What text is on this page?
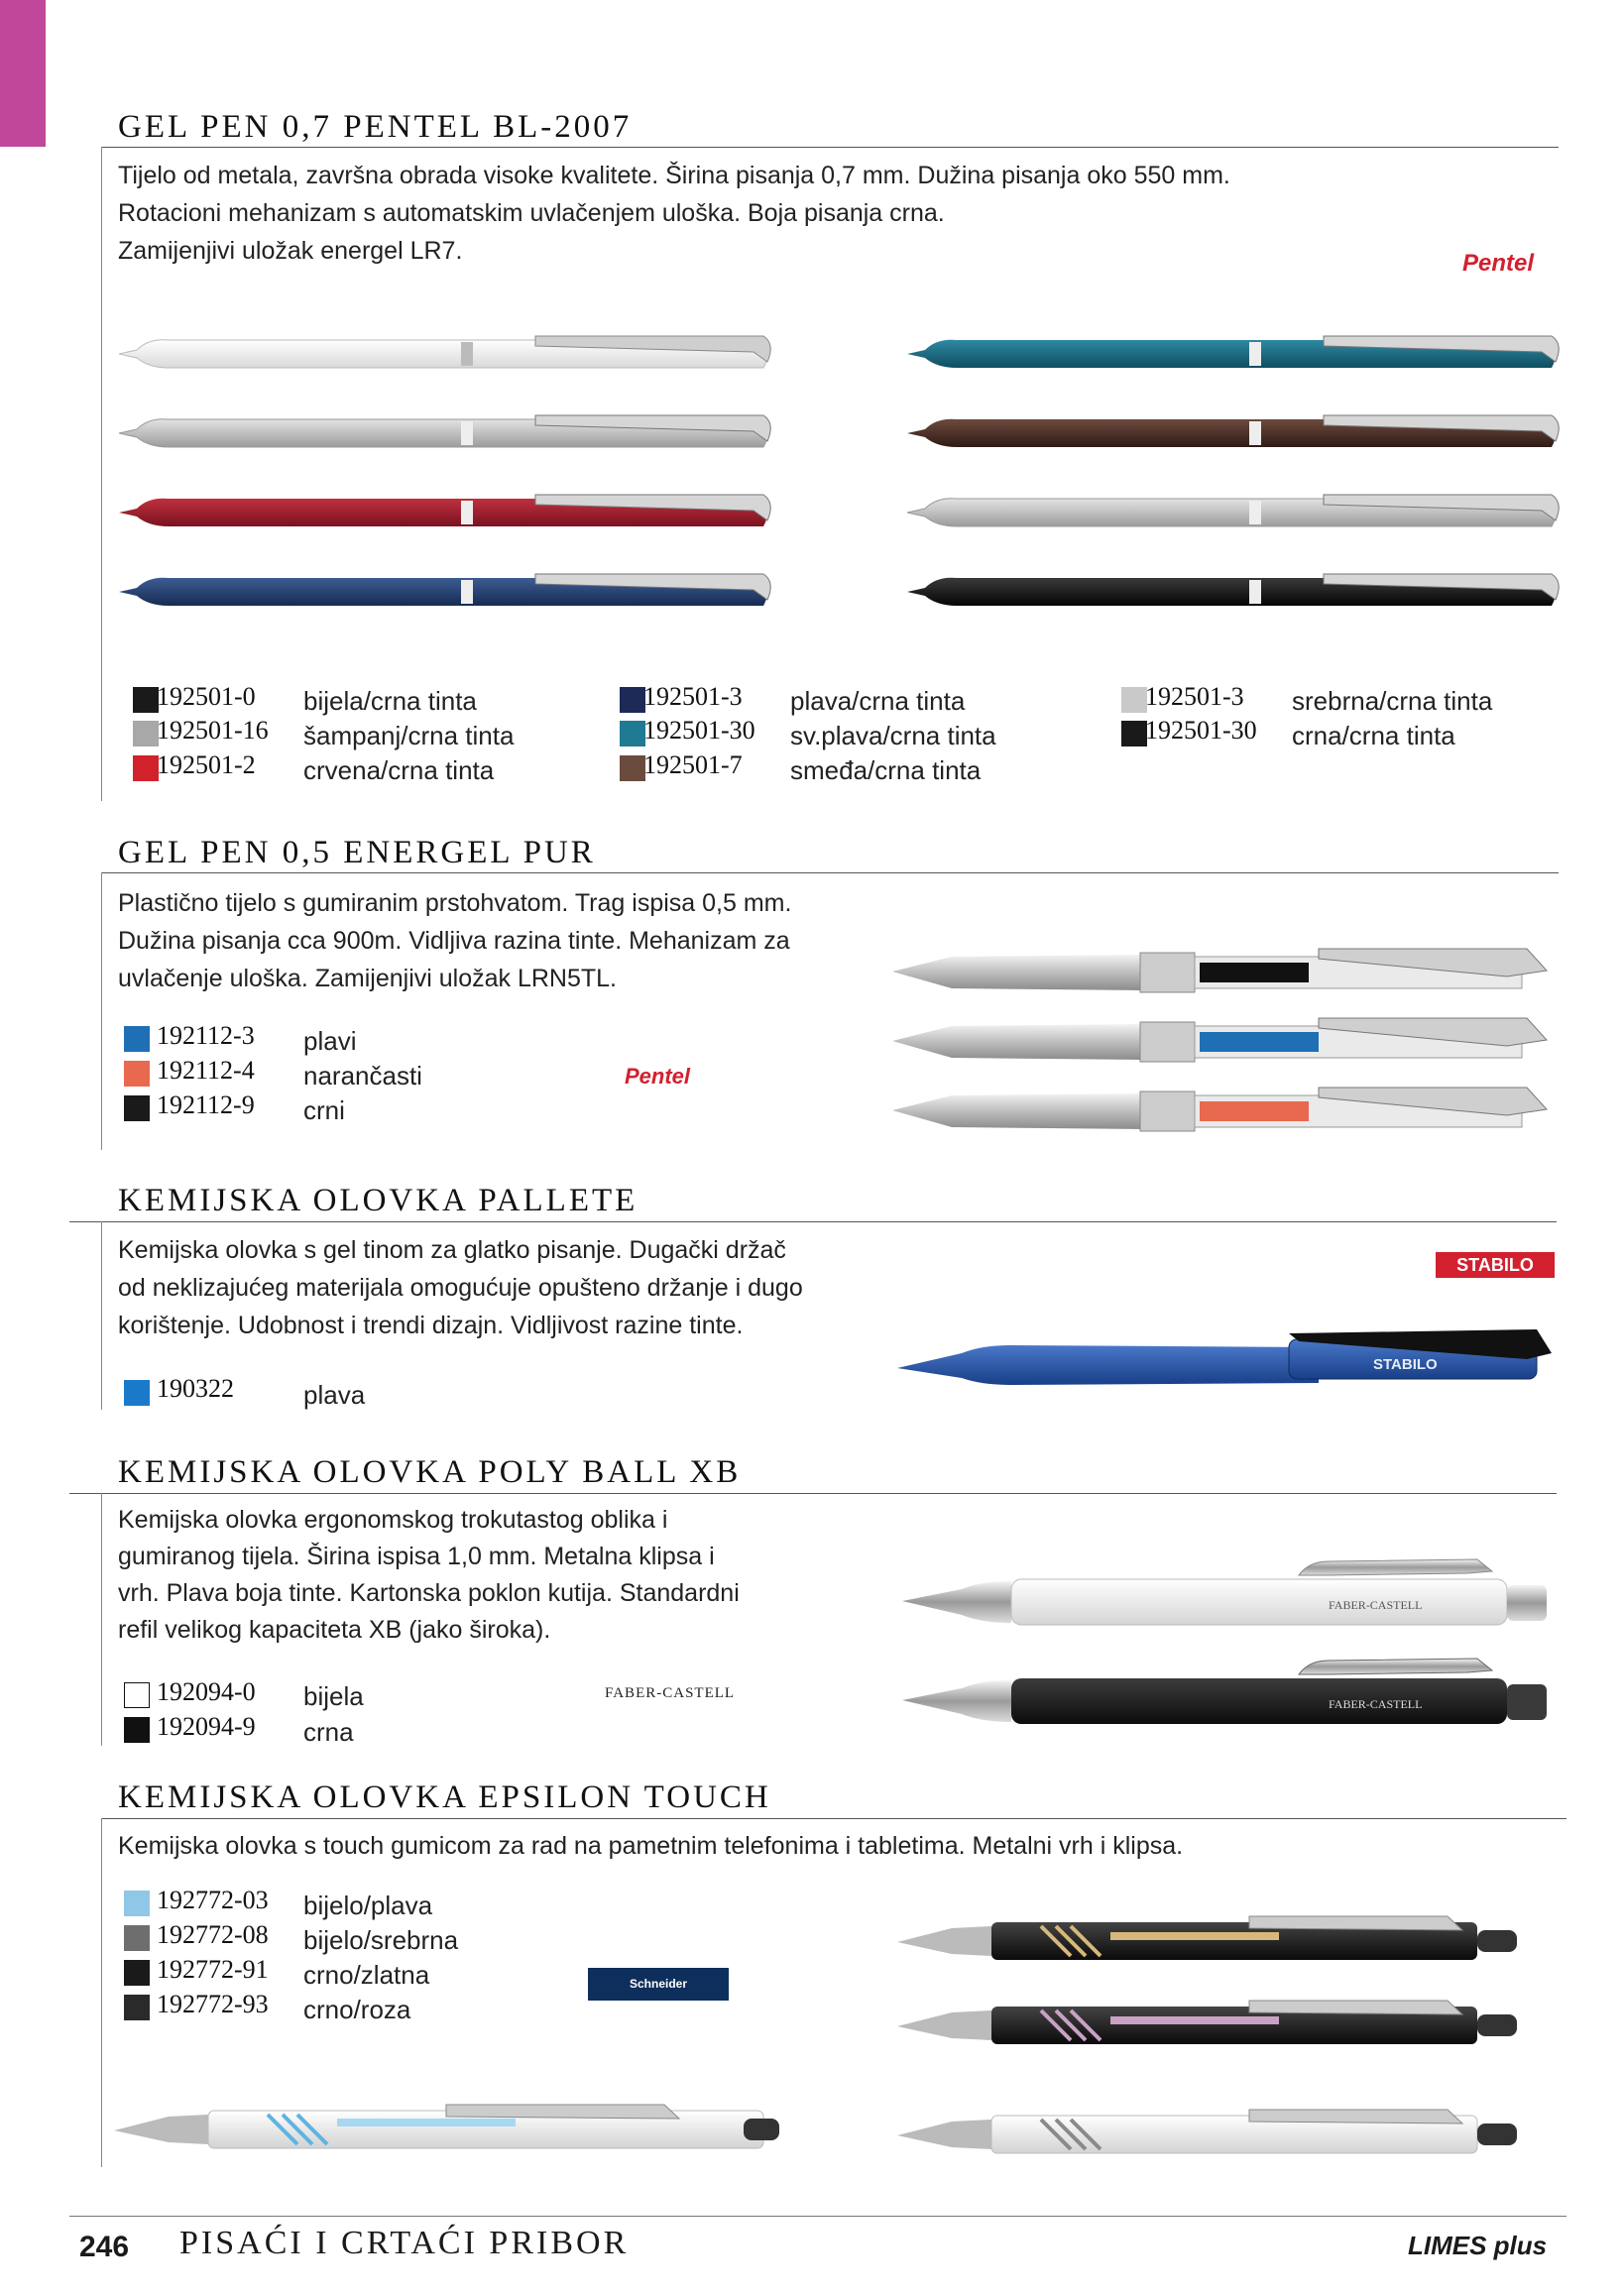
GEL PEN 0,7 PENTEL BL-2007

Tijelo od metala, završna obrada visoke kvalitete. Širina pisanja 0,7 mm. Dužina pisanja oko 550 mm.

Rotacioni mehanizam s automatskim uvlačenjem uloška. Boja pisanja crna.

Zamijenjivi uložak energel LR7.	Pentel
192501-0 bijela/crna tinta
192501-16 šampanj/crna tinta
192501-2 crvena/crna tinta
192501-3 plava/crna tinta
192501-30 sv.plava/crna tinta
192501-7 smeđa/crna tinta
192501-3 srebrna/crna tinta
192501-30 crna/crna tinta
GEL PEN 0,5 ENERGEL PUR

Plastično tijelo s gumiranim prstohvatom. Trag ispisa 0,5 mm.

Dužina pisanja cca 900m. Vidljiva razina tinte. Mehanizam za

uvlačenje uloška. Zamijenjivi uložak LRN5TL.

192112-3 plavi
192112-4 narančasti
192112-9 crni
Pentel
KEMIJSKA OLOVKA PALLETE

Kemijska olovka s gel tinom za glatko pisanje. Dugački držač

od neklizajućeg materijala omogućuje opušteno držanje i dugo

korištenje. Udobnost i trendi dizajn. Vidljivost razine tinte.

STABILO
190322	plava
STABILO
KEMIJSKA OLOVKA POLY BALL XB

Kemijska olovka ergonomskog trokutastog oblika i

gumiranog tijela. Širina ispisa 1,0 mm. Metalna klipsa i

vrh. Plava boja tinte. Kartonska poklon kutija. Standardni

refil velikog kapaciteta XB (jako široka).

192094-0 bijela
192094-9 crna
FABER-CASTELL
FABER-CASTELL
FABER-CASTELL
KEMIJSKA OLOVKA EPSILON TOUCH

Kemijska olovka s touch gumicom za rad na pametnim telefonima i tabletima. Metalni vrh i klipsa.

192772-03 bijelo/plava
192772-08 bijelo/srebrna
192772-91 crno/zlatna
192772-93 crno/roza
Schneider
246 PISAĆI I CRTAĆI PRIBOR	LIMES plus
